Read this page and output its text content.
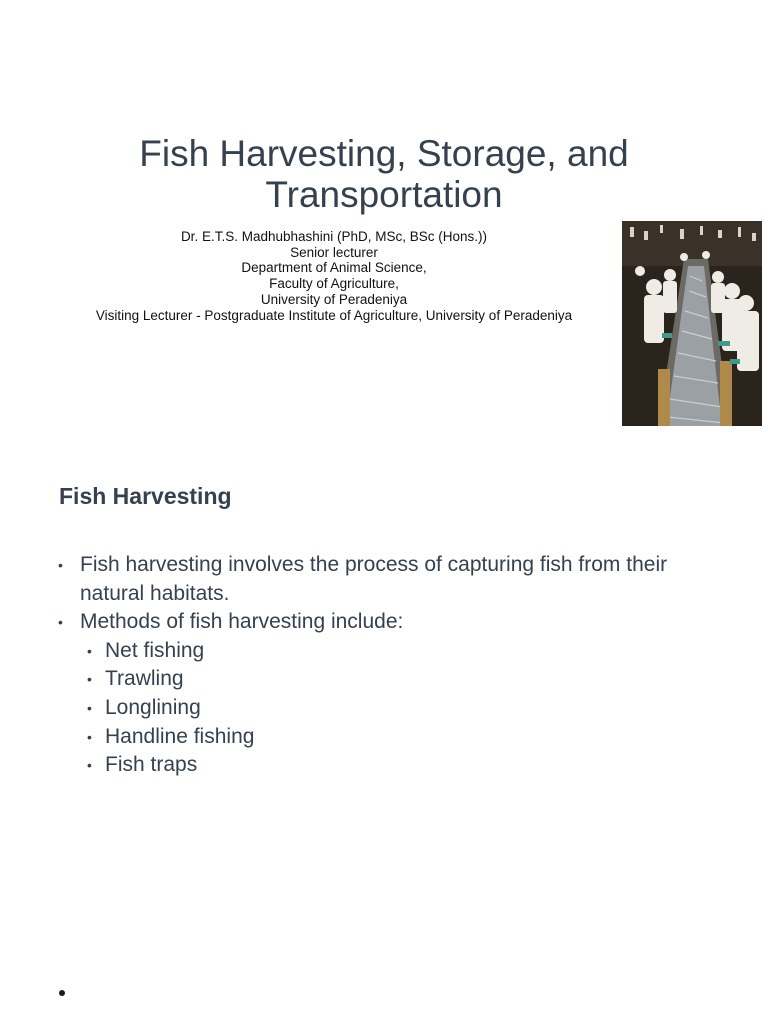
Fish Harvesting, Storage, and
Transportation
Dr. E.T.S. Madhubhashini (PhD, MSc, BSc (Hons.))
Senior lecturer
Department of Animal Science,
Faculty of Agriculture,
University of Peradeniya
Visiting Lecturer - Postgraduate Institute of Agriculture, University of Peradeniya
Fish Harvesting
• Fish harvesting involves the process of capturing fish from their natural habitats.
• Methods of fish harvesting include:
• Net fishing
• Trawling
• Longlining
• Handline fishing
• Fish traps
